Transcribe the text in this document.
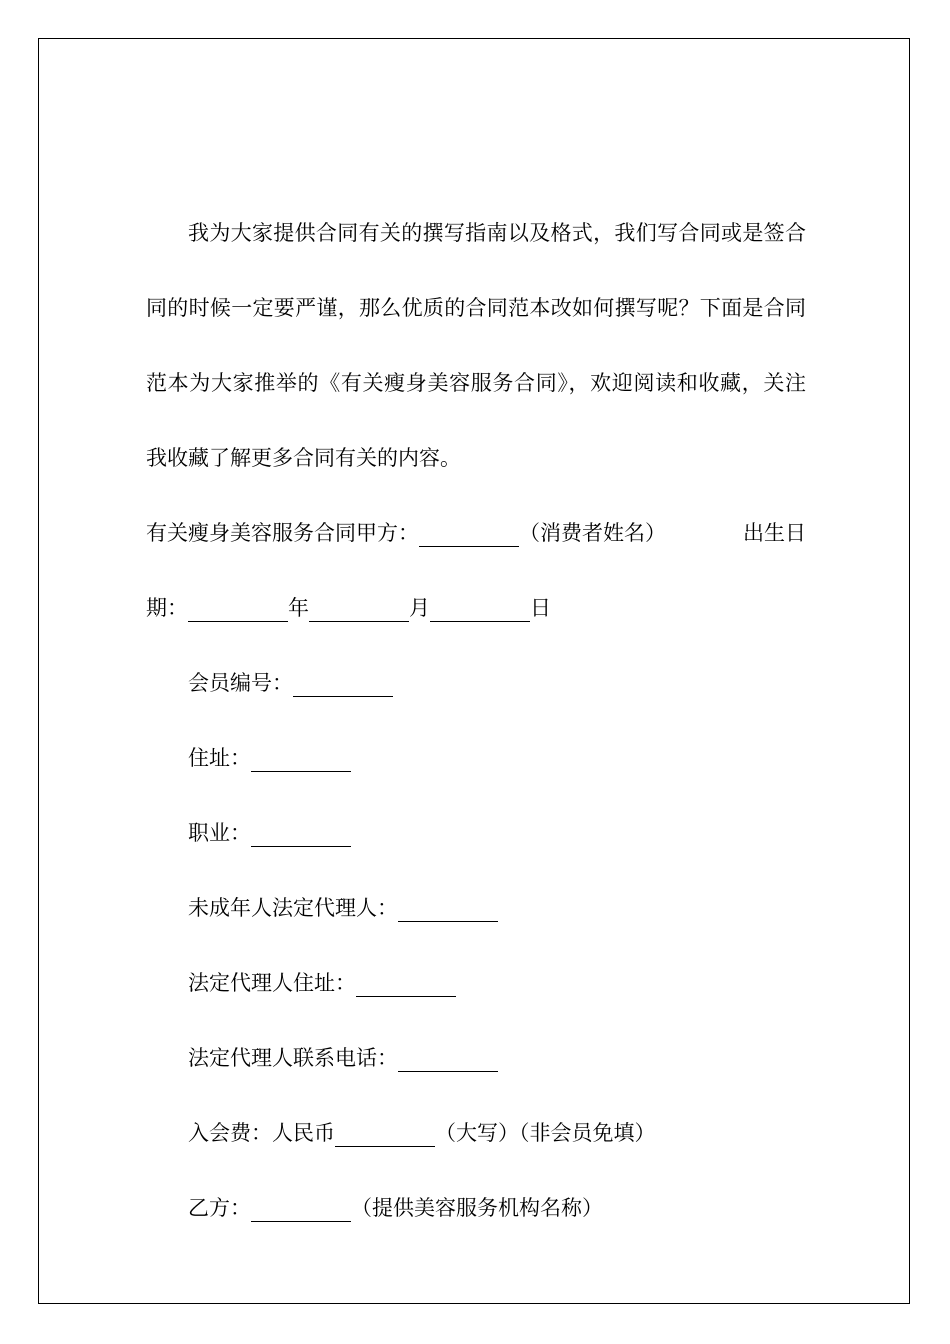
我为大家提供合同有关的撰写指南以及格式，我们写合同或是签合同的时候一定要严谨，那么优质的合同范本改如何撰写呢？下面是合同范本为大家推举的《有关瘦身美容服务合同》，欢迎阅读和收藏，关注我收藏了解更多合同有关的内容。

有关瘦身美容服务合同甲方：	（消费者姓名）	出生日

期：	年	月	日

会员编号：

住址：

职业：

未成年人法定代理人：

法定代理人住址：

法定代理人联系电话：

入会费：人民币	（大写）（非会员免填）

乙方：	（提供美容服务机构名称）
